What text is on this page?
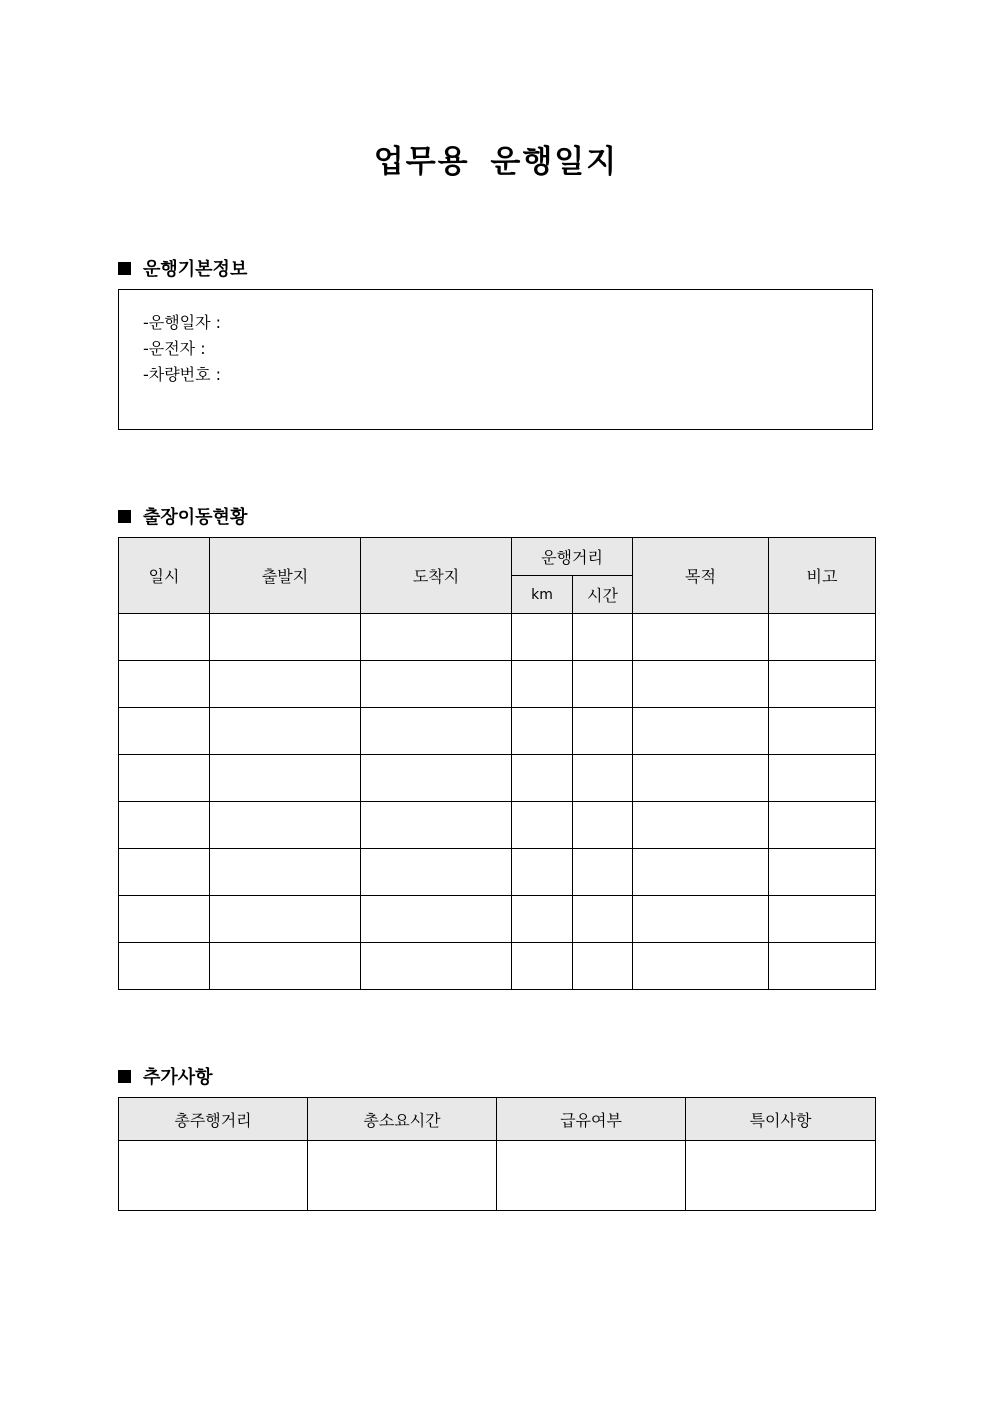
업무용 운행일지
운행기본정보
-운행일자 :
-운전자 :
-차량번호 :
출장이동현황
일시	출발지	도착지	운행거리		목적	비고
			km	시간		

추가사항
총주행거리	총소요시간	급유여부	특이사항
